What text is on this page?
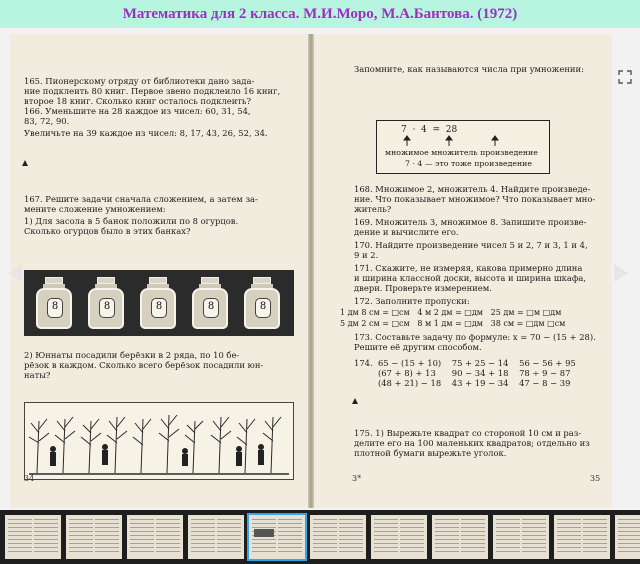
Математика для 2 класса. М.И.Моро, М.А.Бантова. (1972)

165. Пионерскому отряду от библиотеки дано зада-

ние подклеить 80 книг. Первое звено подклеило 16 книг,

второе 18 книг. Сколько книг осталось подклеить?

166. Уменьшите на 28 каждое из чисел: 60, 31, 54,

83, 72, 90.

Увеличьте на 39 каждое из чисел: 8, 17, 43, 26, 52, 34.

167. Решите задачи сначала сложением, а затем за-

мените сложение умножением:

1) Для засола в 5 банок положили по 8 огурцов.

Сколько огурцов было в этих банках?

8	8	8	8	8

2) Юннаты посадили берёзки в 2 ряда, по 10 бе-

рёзок в каждом. Сколько всего берёзок посадили юн-

наты?

34

Запомните, как называются числа при умножении:

7  ·  4  =  28

множимое множитель произведение

7 · 4 — это тоже произведение

168. Множимое 2, множитель 4. Найдите произведе-

ние. Что показывает множимое? Что показывает мно-

житель?

169. Множитель 3, множимое 8. Запишите произве-

дение и вычислите его.

170. Найдите произведение чисел 5 и 2, 7 и 3, 1 и 4,

9 и 2.

171. Скажите, не измеряя, какова примерно длина

и ширина классной доски, высота и ширина шкафа,

двери. Проверьте измерением.

172. Заполните пропуски:

1 дм 8 см = □см   4 м 2 дм = □дм   25 дм = □м □дм

5 дм 2 см = □см   8 м 1 дм = □дм   38 см = □дм □см

173. Составьте задачу по формуле: x = 70 − (15 + 28).

Решите её другим способом.

174.  65 − (15 + 10)    75 + 25 − 14    56 − 56 + 95

(67 + 8) + 13      90 − 34 + 18    78 ÷ 9 − 87

(48 + 21) − 18    43 + 19 − 34    47 − 8 − 39

175. 1) Вырежьте квадрат со стороной 10 см и раз-

делите его на 100 маленьких квадратов; отдельно из

плотной бумаги вырежьте уголок.

3*	35
